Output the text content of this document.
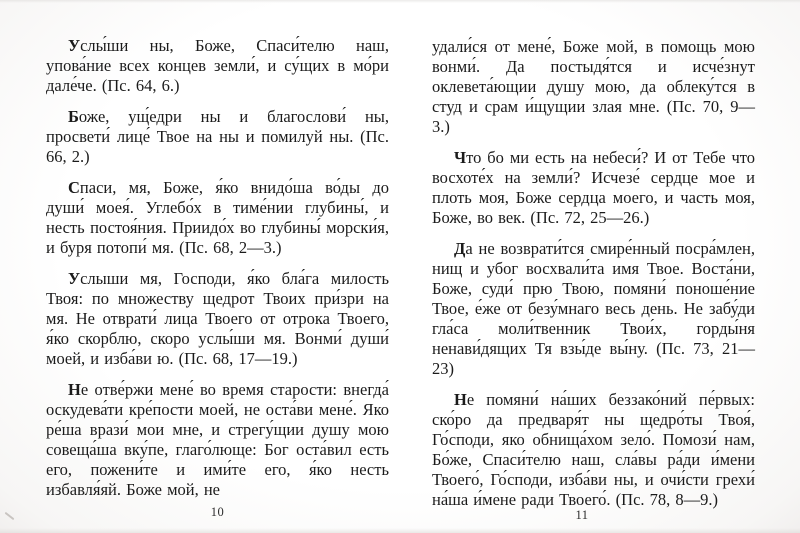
Услы́ши ны, Боже, Спаси́телю наш, упова́ние всех концев земли́, и су́щих в мо́ри дале́че. (Пс. 64, 6.)

Боже, ущ́едри ны и благослови́ ны, просвети́ лице́ Твое на ны и помилуй ны. (Пс. 66, 2.)

Спаси, мя, Боже, я́ко внидо́ша во́ды до души́ моея́. Углебо́х в тиме́нии глубины́, и несть постоя́ния. Приидо́х во глубины́ морски́я, и буря потопи́ мя. (Пс. 68, 2—3.)

Услыши мя, Господи, я́ко бла́га милость Твоя: по множеству щедрот Твоих при́зри на мя. Не отврати́ лица Твоего от отрока Твоего, я́ко скорблю, скоро услы́ши мя. Вонми́ души́ моей, и изба́ви ю. (Пс. 68, 17—19.)

Не отве́ржи мене́ во время старости: внегда́ оскудева́ти кре́пости моей, не оста́ви мене́. Яко ре́ша врази́ мои мне, и стрегу́щии душу мою совеща́ша вку́пе, глаго́люще: Бог оста́вил есть его, пожени́те и ими́те его, я́ко несть избавля́яй. Боже мой, не

удали́ся от мене́, Боже мой, в помощь мою вонми́. Да постыдя́тся и исче́знут оклевета́ющии душу мою, да облеку́тся в студ и срам и́щущии злая мне. (Пс. 70, 9—3.)

Что бо ми есть на небеси́? И от Тебе что восхоте́х на земли́? Исчезе́ сердце мое и плоть моя, Боже сердца моего, и часть моя, Боже, во век. (Пс. 72, 25—26.)

Да не возврати́тся смире́нный посра́млен, нищ и убог восхвали́та имя Твое. Воста́ни, Боже, суди́ прю Твою, помяни́ поноше́ние Твое, е́же от безу́мнаго весь день. Не забу́ди гла́са моли́твенник Твои́х, горды́ня ненави́дящих Тя взы́де вы́ну. (Пс. 73, 21—23)

Не помяни́ на́ших беззако́ний пе́рвых: ско́ро да предваря́т ны щедро́ты Твоя́, Го́споди, яко обнища́хом зело́. Помози́ нам, Бо́же, Спаси́телю наш, сла́вы ра́ди и́мени Твоего́, Го́споди, изба́ви ны, и очи́сти грехи́ на́ша и́мене ради Твоего́. (Пс. 78, 8—9.)

10	11
